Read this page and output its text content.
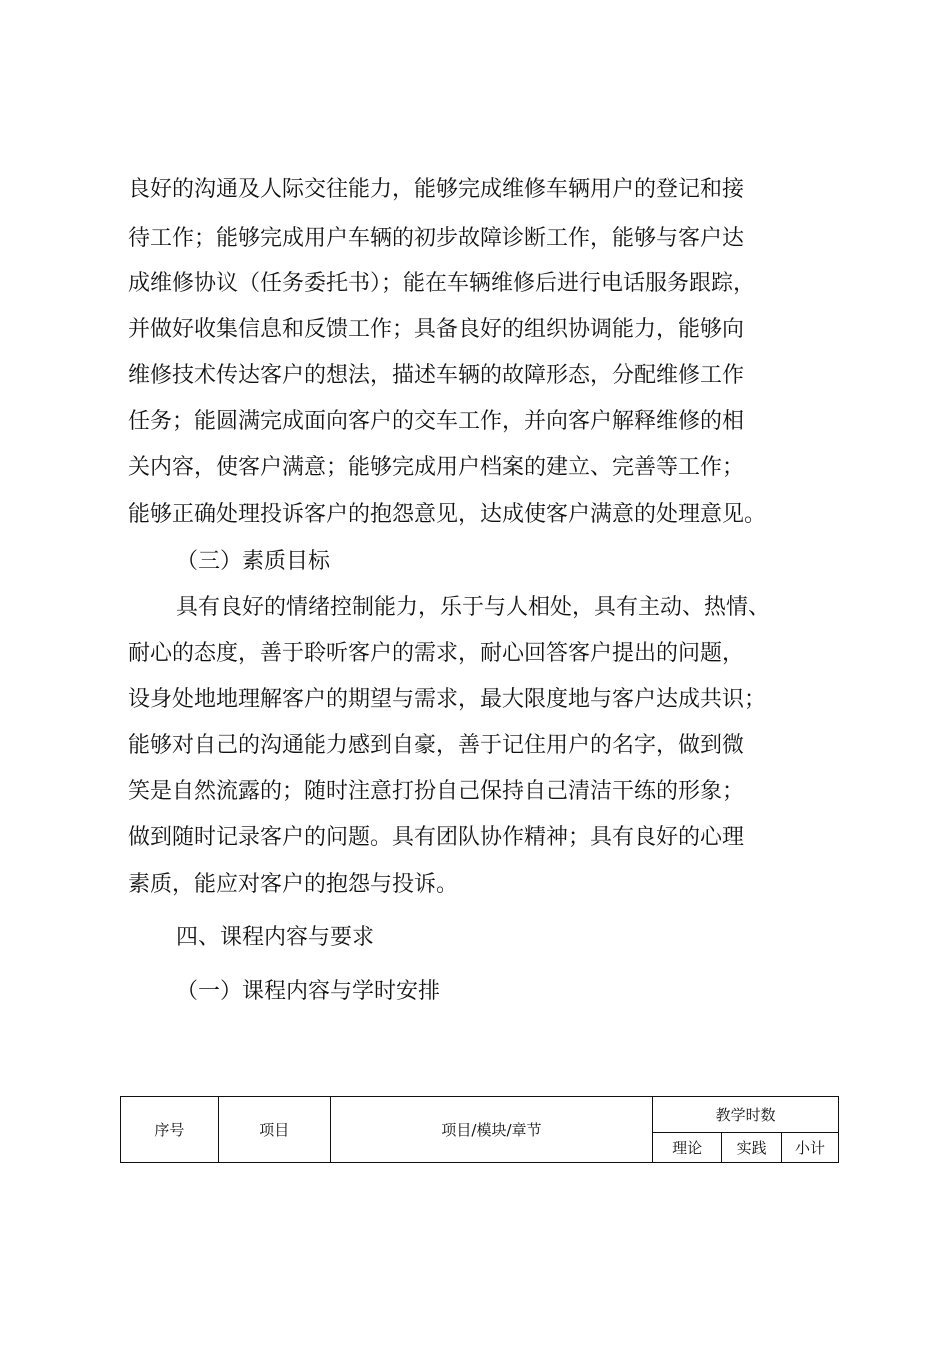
良好的沟通及人际交往能力，能够完成维修车辆用户的登记和接
待工作；能够完成用户车辆的初步故障诊断工作，能够与客户达
成维修协议（任务委托书）；能在车辆维修后进行电话服务跟踪，
并做好收集信息和反馈工作；具备良好的组织协调能力，能够向
维修技术传达客户的想法，描述车辆的故障形态，分配维修工作
任务；能圆满完成面向客户的交车工作，并向客户解释维修的相
关内容，使客户满意；能够完成用户档案的建立、完善等工作；
能够正确处理投诉客户的抱怨意见，达成使客户满意的处理意见。
（三）素质目标
具有良好的情绪控制能力，乐于与人相处，具有主动、热情、
耐心的态度，善于聆听客户的需求，耐心回答客户提出的问题，
设身处地地理解客户的期望与需求，最大限度地与客户达成共识；
能够对自己的沟通能力感到自豪，善于记住用户的名字，做到微
笑是自然流露的；随时注意打扮自己保持自己清洁干练的形象；
做到随时记录客户的问题。具有团队协作精神；具有良好的心理
素质，能应对客户的抱怨与投诉。
四、课程内容与要求
（一）课程内容与学时安排
序号	项目	项目/模块/章节	教学时数		
			理论	实践	小计
